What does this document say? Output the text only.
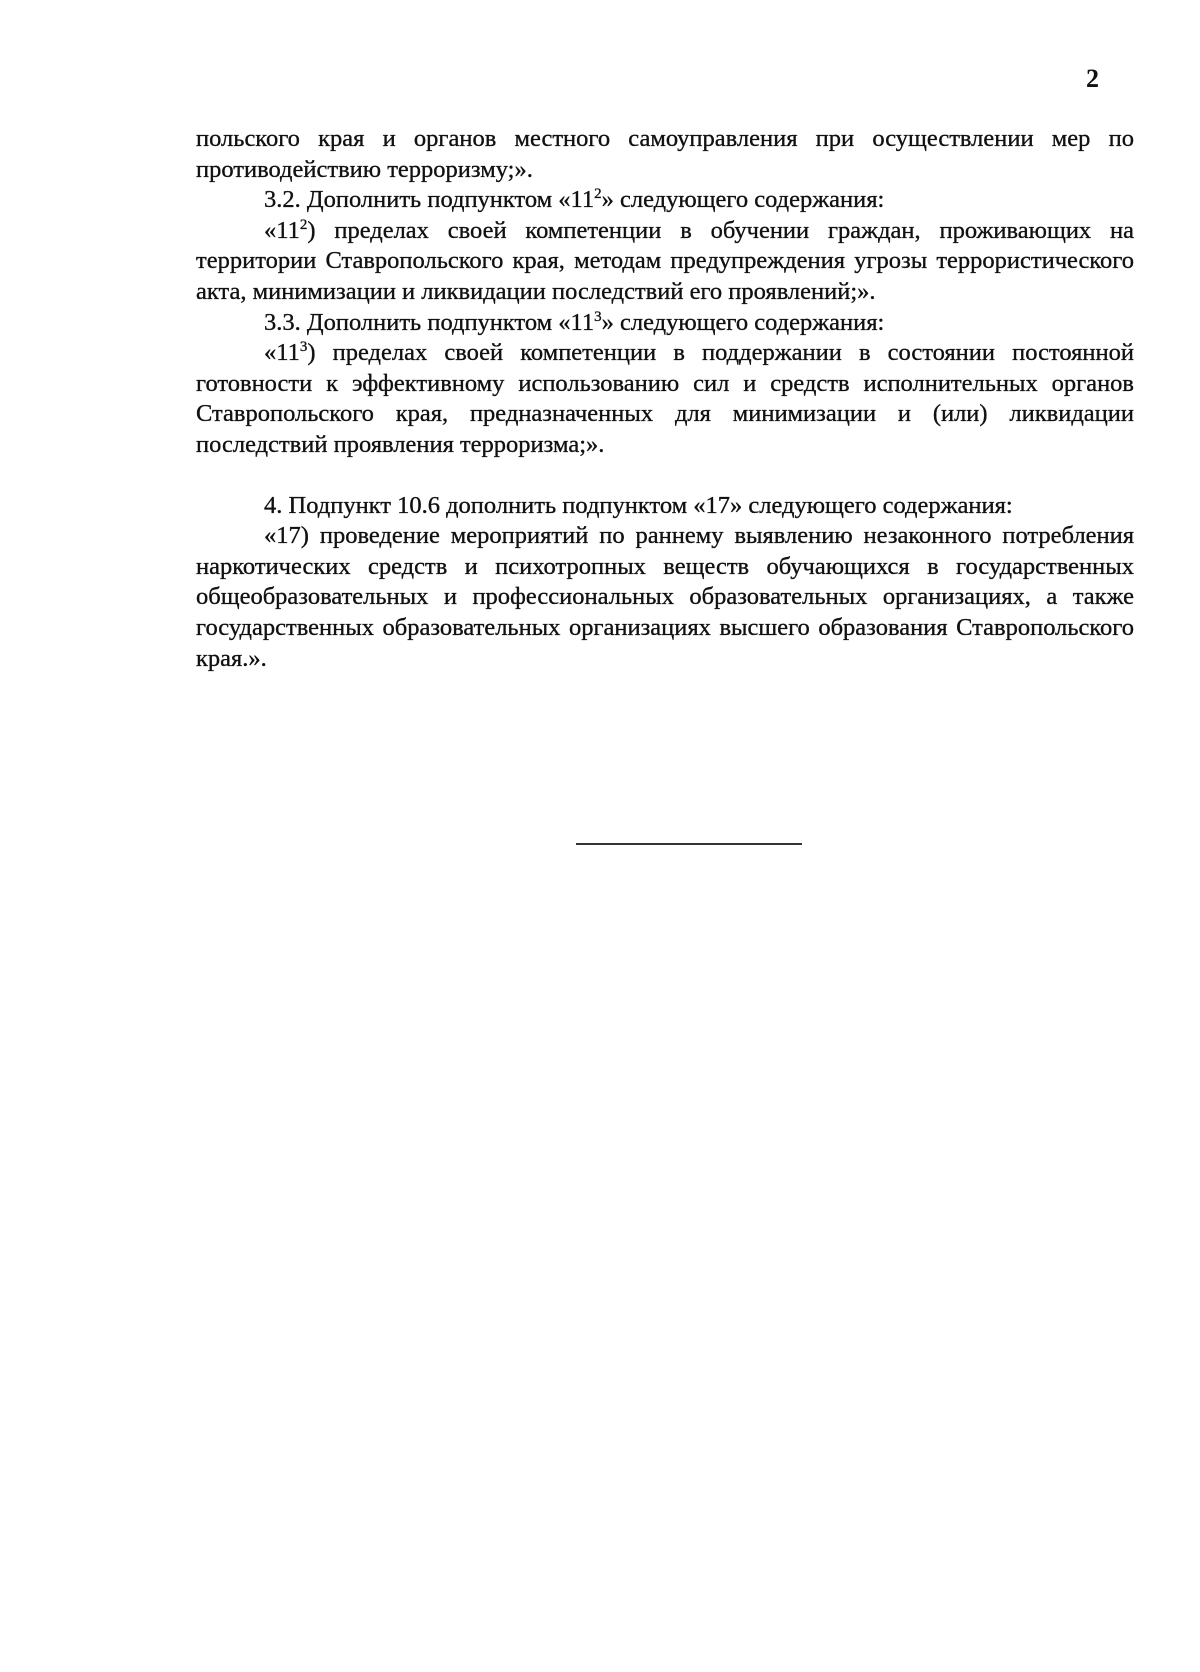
2

польского края и органов местного самоуправления при осуществлении мер по противодействию терроризму;».

3.2. Дополнить подпунктом «$11^2$» следующего содержания:

«$11^2$) пределах своей компетенции в обучении граждан, проживающих на территории Ставропольского края, методам предупреждения угрозы террористического акта, минимизации и ликвидации последствий его проявлений;».

3.3. Дополнить подпунктом «$11^3$» следующего содержания:

«$11^3$) пределах своей компетенции в поддержании в состоянии постоянной готовности к эффективному использованию сил и средств исполнительных органов Ставропольского края, предназначенных для минимизации и (или) ликвидации последствий проявления терроризма;».

4. Подпункт 10.6 дополнить подпунктом «17» следующего содержания:

«17) проведение мероприятий по раннему выявлению незаконного потребления наркотических средств и психотропных веществ обучающихся в государственных общеобразовательных и профессиональных образовательных организациях, а также государственных образовательных организациях высшего образования Ставропольского края.».
